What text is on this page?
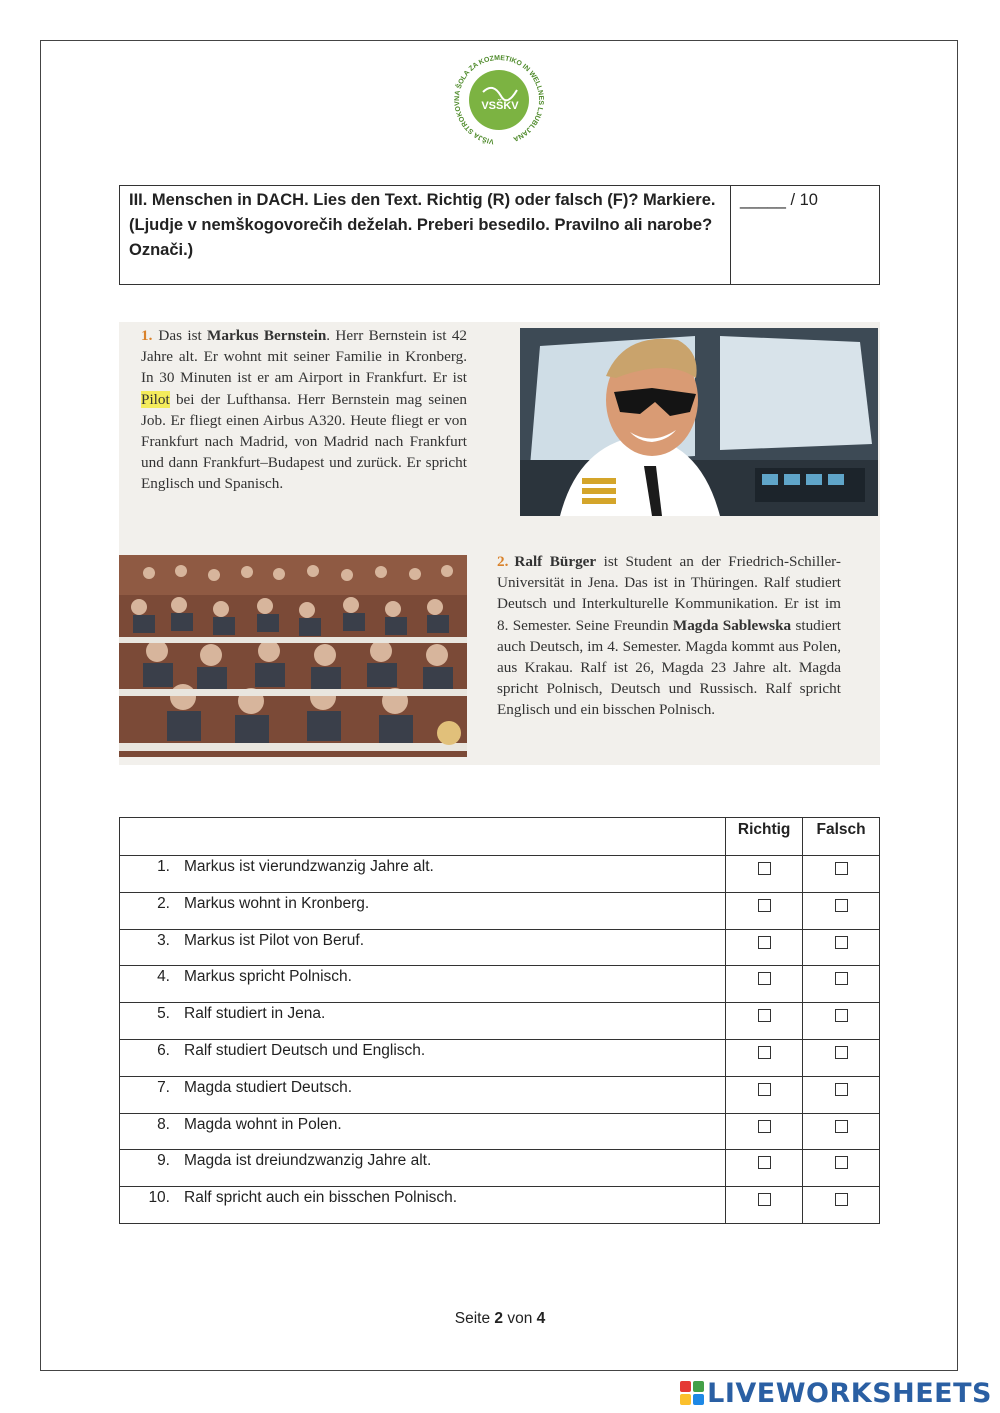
VSŠKV
VIŠJA STROKOVNA ŠOLA ZA KOZMETIKO IN WELLNES LJUBLJANA
III. Menschen in DACH. Lies den Text. Richtig (R) oder falsch (F)? Markiere.
(Ljudje v nemškogovorečih deželah. Preberi besedilo. Pravilno ali narobe? Označi.)
_____ / 10
1. Das ist Markus Bernstein. Herr Bernstein ist 42 Jahre alt. Er wohnt mit seiner Familie in Kronberg. In 30 Minuten ist er am Airport in Frankfurt. Er ist Pilot bei der Lufthansa. Herr Bernstein mag seinen Job. Er fliegt einen Airbus A320. Heute fliegt er von Frankfurt nach Madrid, von Madrid nach Frankfurt und dann Frankfurt–Budapest und zurück. Er spricht Englisch und Spanisch.
2. Ralf Bürger ist Student an der Friedrich-Schiller-Universität in Jena. Das ist in Thüringen. Ralf studiert Deutsch und Interkulturelle Kommunikation. Er ist im 8. Semester. Seine Freundin Magda Sablewska studiert auch Deutsch, im 4. Semester. Magda kommt aus Polen, aus Krakau. Ralf ist 26, Magda 23 Jahre alt. Magda spricht Polnisch, Deutsch und Russisch. Ralf spricht Englisch und ein bisschen Polnisch.
	Richtig	Falsch

1. Markus ist vierundzwanzig Jahre alt.		

2. Markus wohnt in Kronberg.		

3. Markus ist Pilot von Beruf.		

4. Markus spricht Polnisch.		

5. Ralf studiert in Jena.		

6. Ralf studiert Deutsch und Englisch.		

7. Magda studiert Deutsch.		

8. Magda wohnt in Polen.		

9. Magda ist dreiundzwanzig Jahre alt.		

10. Ralf spricht auch ein bisschen Polnisch.		

Seite 2 von 4
LIVEWORKSHEETS
